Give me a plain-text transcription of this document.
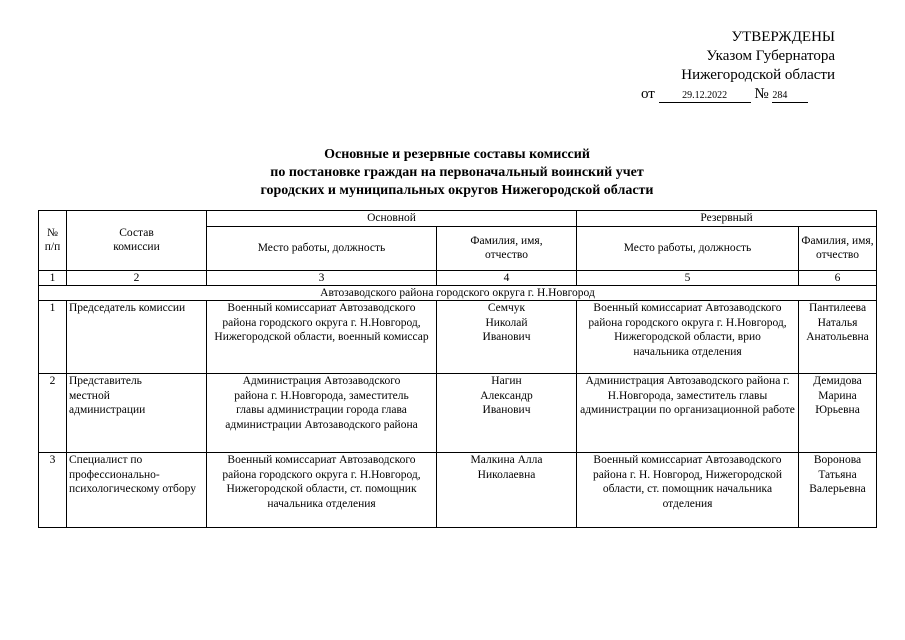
УТВЕРЖДЕНЫ
Указом Губернатора
Нижегородской области
от	29.12.2022 № 284
Основные и резервные составы комиссий
по постановке граждан на первоначальный воинский учет
городских и муниципальных округов Нижегородской области
№ п/п	Состав комиссии	Основной		Резервный	
		Место работы, должность	Фамилия, имя, отчество	Место работы, должность	Фамилия, имя, отчество
1	2	3	4	5	6
Автозаводского района городского округа г. Н.Новгород					
1	Председатель комиссии	Военный комиссариат Автозаводского района городского округа г. Н.Новгород, Нижегородской области, военный комиссар	Семчук Николай Иванович	Военный комиссариат Автозаводского района городского округа г. Н.Новгород, Нижегородской области, врио начальника отделения	Пантилеева Наталья Анатольевна
2	Представитель местной администрации	Администрация Автозаводского района г. Н.Новгорода, заместитель главы администрации города глава администрации Автозаводского района	Нагин Александр Иванович	Администрация Автозаводского района г. Н.Новгорода, заместитель главы администрации по организационной работе	Демидова Марина Юрьевна
3	Специалист по профессионально-психологическому отбору	Военный комиссариат Автозаводского района городского округа г. Н.Новгород, Нижегородской области, ст. помощник начальника отделения	Малкина Алла Николаевна	Военный комиссариат Автозаводского района г. Н. Новгород, Нижегородской области, ст. помощник начальника отделения	Воронова Татьяна Валерьевна
